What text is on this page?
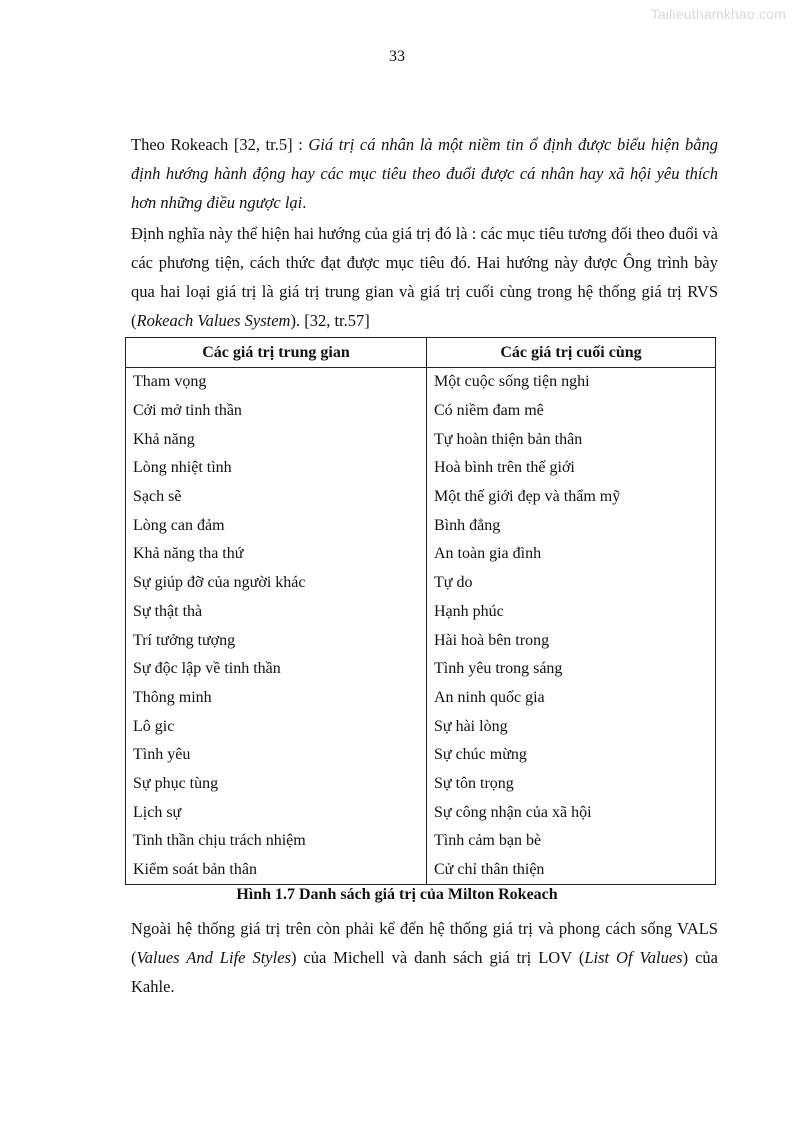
Tailieuthamkhao.com
33

Theo Rokeach [32, tr.5] : Giá trị cá nhân là một niềm tin ổ định được biểu hiện bằng định hướng hành động hay các mục tiêu theo đuổi được cá nhân hay xã hội yêu thích hơn những điều ngược lại.

Định nghĩa này thể hiện hai hướng của giá trị đó là : các mục tiêu tương đối theo đuổi và các phương tiện, cách thức đạt được mục tiêu đó. Hai hướng này được Ông trình bày qua hai loại giá trị là giá trị trung gian và giá trị cuối cùng trong hệ thống giá trị RVS (Rokeach Values System). [32, tr.57]

Các giá trị trung gian	Các giá trị cuối cùng
Tham vọng	Một cuộc sống tiện nghi
Cởi mở tinh thần	Có niềm đam mê
Khả năng	Tự hoàn thiện bản thân
Lòng nhiệt tình	Hoà bình trên thế giới
Sạch sẽ	Một thế giới đẹp và thẩm mỹ
Lòng can đảm	Bình đẳng
Khả năng tha thứ	An toàn gia đình
Sự giúp đỡ của người khác	Tự do
Sự thật thà	Hạnh phúc
Trí tưởng tượng	Hài hoà bên trong
Sự độc lập về tinh thần	Tình yêu trong sáng
Thông minh	An ninh quốc gia
Lô gic	Sự hài lòng
Tình yêu	Sự chúc mừng
Sự phục tùng	Sự tôn trọng
Lịch sự	Sự công nhận của xã hội
Tinh thần chịu trách nhiệm	Tình cảm bạn bè
Kiểm soát bản thân	Cử chỉ thân thiện

Hình 1.7 Danh sách giá trị của Milton Rokeach

Ngoài hệ thống giá trị trên còn phải kể đến hệ thống giá trị và phong cách sống VALS (Values And Life Styles) của Michell và danh sách giá trị LOV (List Of Values) của Kahle.
